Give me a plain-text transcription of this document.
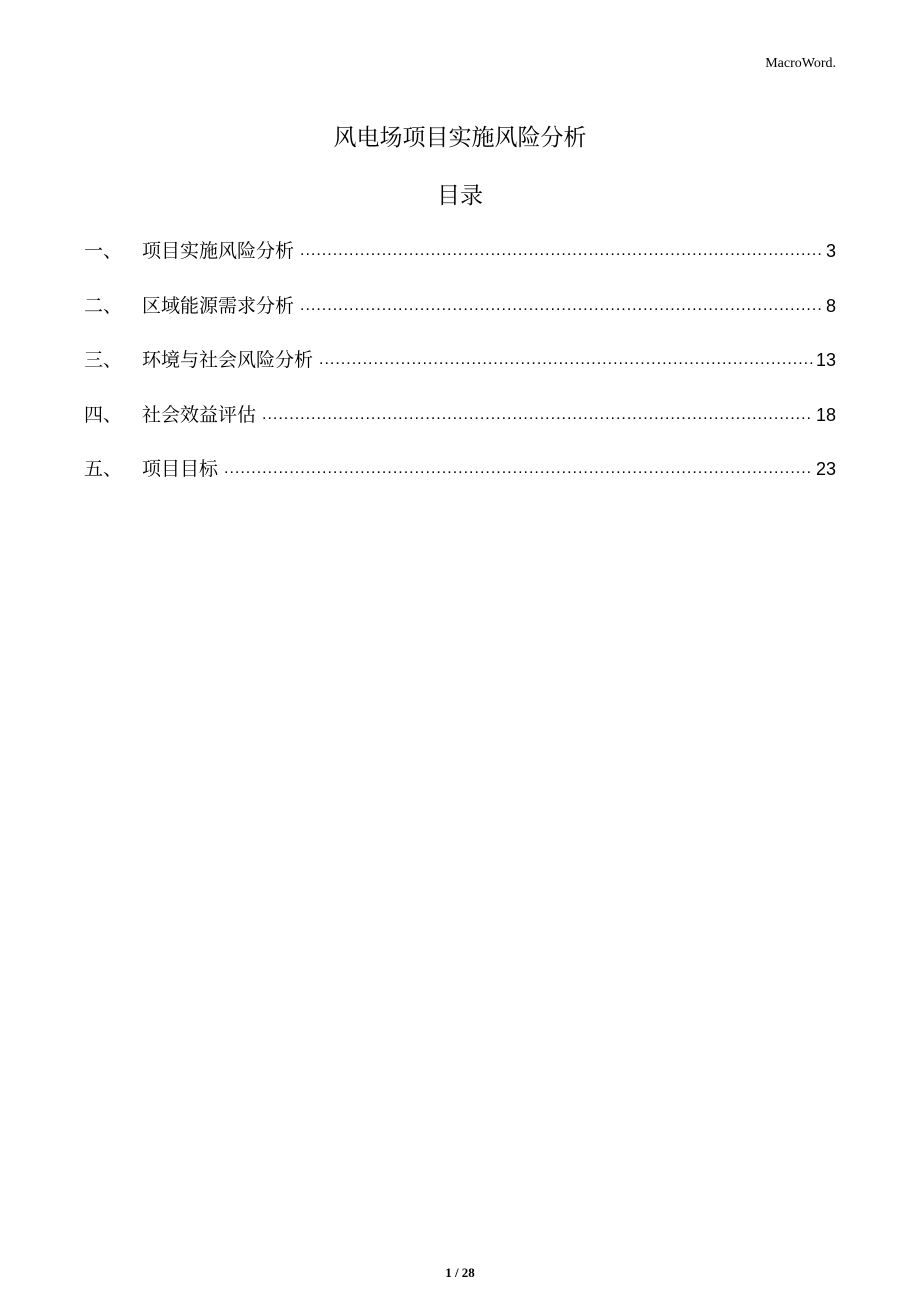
MacroWord.
风电场项目实施风险分析
目录
一、	项目实施风险分析 .....	3
二、	区域能源需求分析 .....	8
三、	环境与社会风险分析 .....	13
四、	社会效益评估 .....	18
五、	项目目标 .....	23
1 / 28
